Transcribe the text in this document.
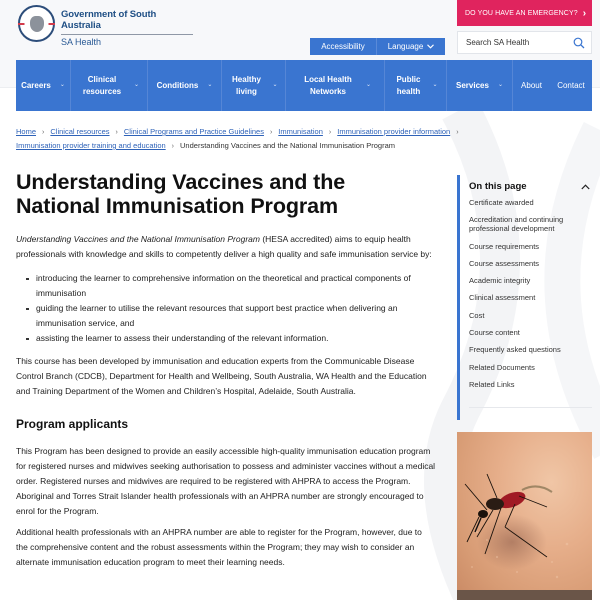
Government of South Australia
SA Health
DO YOU HAVE AN EMERGENCY? ›
Accessibility	Language
Search SA Health
Careers ⌄
Clinical resources
⌄ Conditions ⌄
Healthy living
⌄
Local Health Networks
⌄
Public health
⌄ Services ⌄ About Contact
Home › Clinical resources › Clinical Programs and Practice Guidelines › Immunisation › Immunisation provider information ›
Immunisation provider training and education › Understanding Vaccines and the National Immunisation Program
Understanding Vaccines and the
National Immunisation Program

Understanding Vaccines and the National Immunisation Program (HESA accredited) aims to equip health professionals with knowledge and skills to competently deliver a high quality and safe immunisation service by:

introducing the learner to comprehensive information on the theoretical and practical components of immunisation
guiding the learner to utilise the relevant resources that support best practice when delivering an immunisation service, and
assisting the learner to assess their understanding of the relevant information.

This course has been developed by immunisation and education experts from the Communicable Disease Control Branch (CDCB), Department for Health and Wellbeing, South Australia, WA Health and the Education and Training Department of the Women and Children’s Hospital, Adelaide, South Australia.

Program applicants

This Program has been designed to provide an easily accessible high-quality immunisation education program for registered nurses and midwives seeking authorisation to possess and administer vaccines without a medical order. Registered nurses and midwives are required to be registered with AHPRA to access the Program. Aboriginal and Torres Strait Islander health professionals with an AHPRA number are strongly encouraged to enrol for the Program.

Additional health professionals with an AHPRA number are able to register for the Program, however, due to the comprehensive content and the robust assessments within the Program; they may wish to consider an alternate immunisation education program to meet their learning needs.

On this page
Certificate awarded
Accreditation and continuing professional development
Course requirements
Course assessments
Academic integrity
Clinical assessment
Cost
Course content
Frequently asked questions
Related Documents
Related Links
